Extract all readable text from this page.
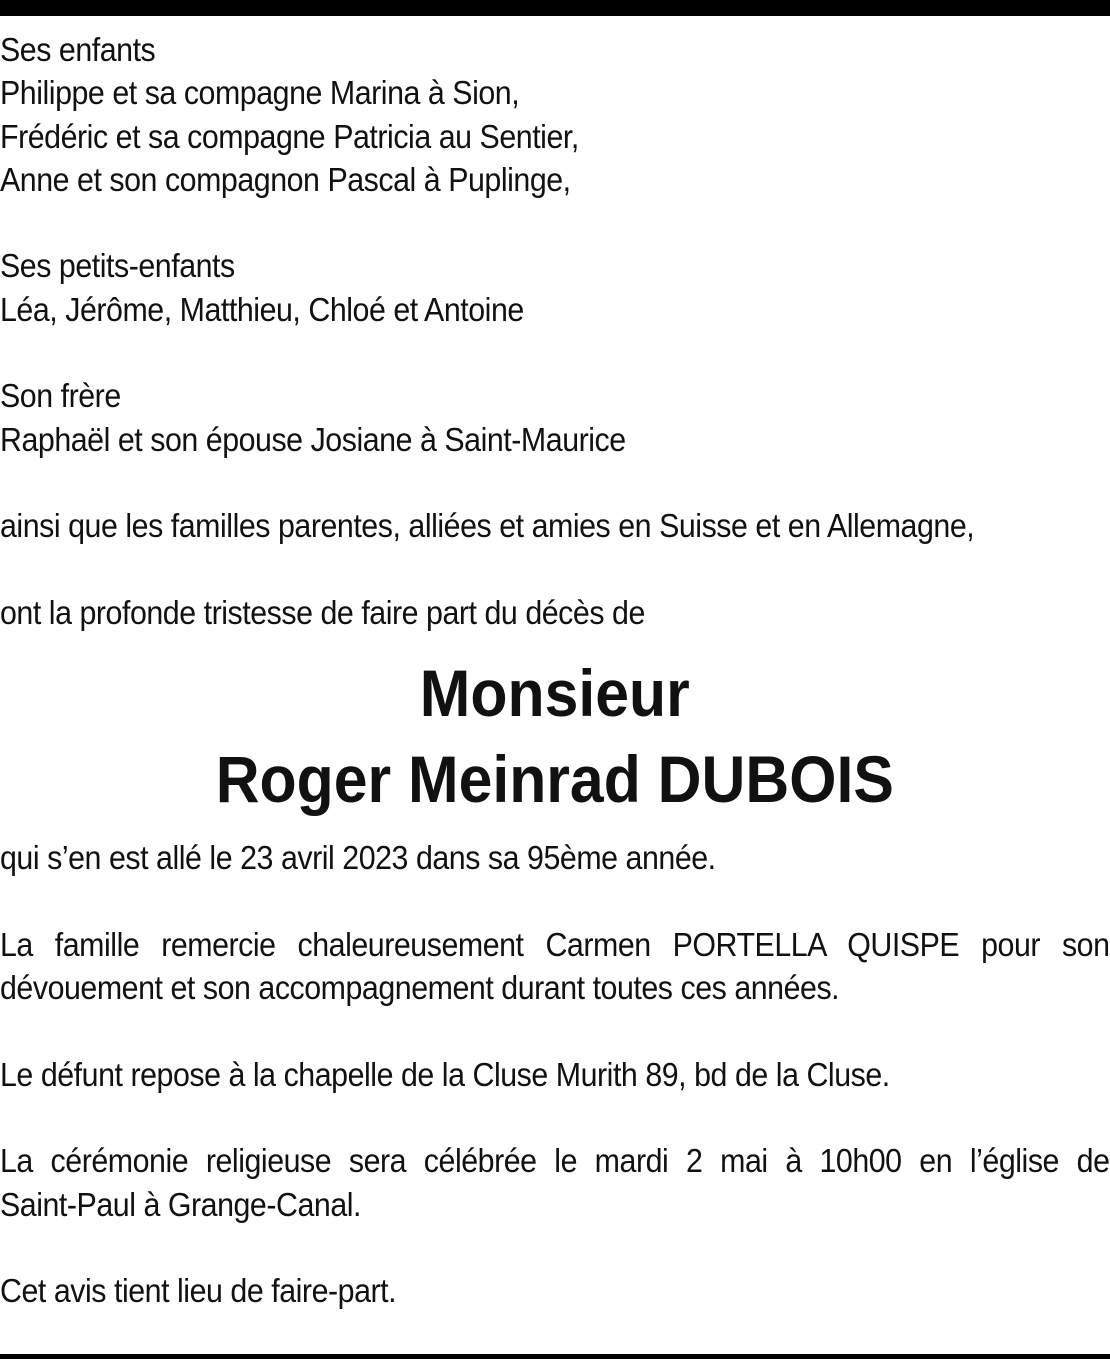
Ses enfants
Philippe et sa compagne Marina à Sion,
Frédéric et sa compagne Patricia au Sentier,
Anne et son compagnon Pascal à Puplinge,
Ses petits-enfants
Léa, Jérôme, Matthieu, Chloé et Antoine
Son frère
Raphaël et son épouse Josiane à Saint-Maurice
ainsi que les familles parentes, alliées et amies en Suisse et en Allemagne,
ont la profonde tristesse de faire part du décès de
Monsieur
Roger Meinrad DUBOIS
qui s’en est allé le 23 avril 2023 dans sa 95ème année.
La famille remercie chaleureusement Carmen PORTELLA QUISPE pour son
dévouement et son accompagnement durant toutes ces années.
Le défunt repose à la chapelle de la Cluse Murith 89, bd de la Cluse.
La cérémonie religieuse sera célébrée le mardi 2 mai à 10h00 en l’église de
Saint-Paul à Grange-Canal.
Cet avis tient lieu de faire-part.
